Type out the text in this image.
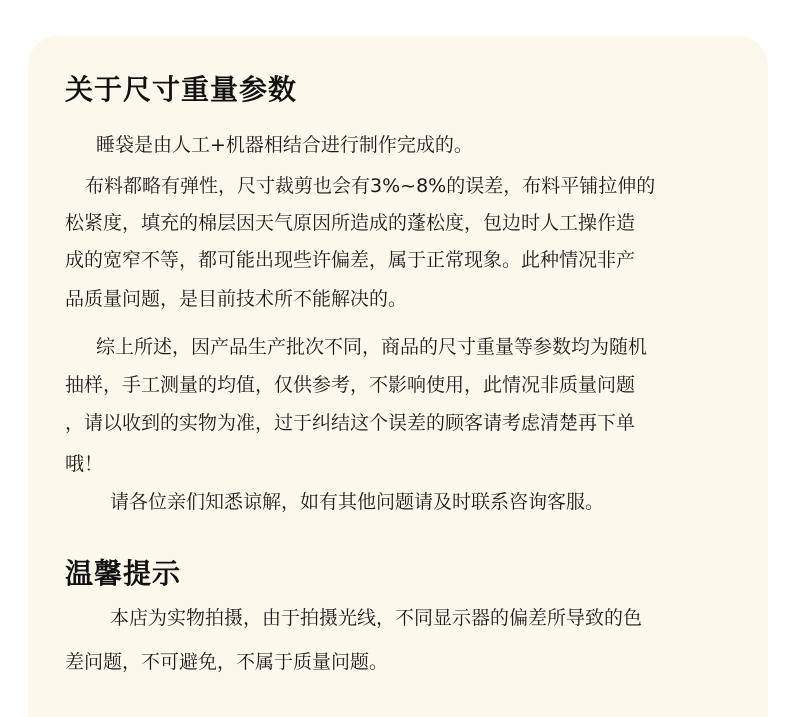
关于尺寸重量参数

睡袋是由人工+机器相结合进行制作完成的。

布料都略有弹性，尺寸裁剪也会有3%~8%的误差，布料平铺拉伸的

松紧度，填充的棉层因天气原因所造成的蓬松度，包边时人工操作造

成的宽窄不等，都可能出现些许偏差，属于正常现象。此种情况非产

品质量问题，是目前技术所不能解决的。

综上所述，因产品生产批次不同，商品的尺寸重量等参数均为随机

抽样，手工测量的均值，仅供参考，不影响使用，此情况非质量问题

，请以收到的实物为准，过于纠结这个误差的顾客请考虑清楚再下单

哦！

请各位亲们知悉谅解，如有其他问题请及时联系咨询客服。

温馨提示

本店为实物拍摄，由于拍摄光线，不同显示器的偏差所导致的色

差问题，不可避免，不属于质量问题。
